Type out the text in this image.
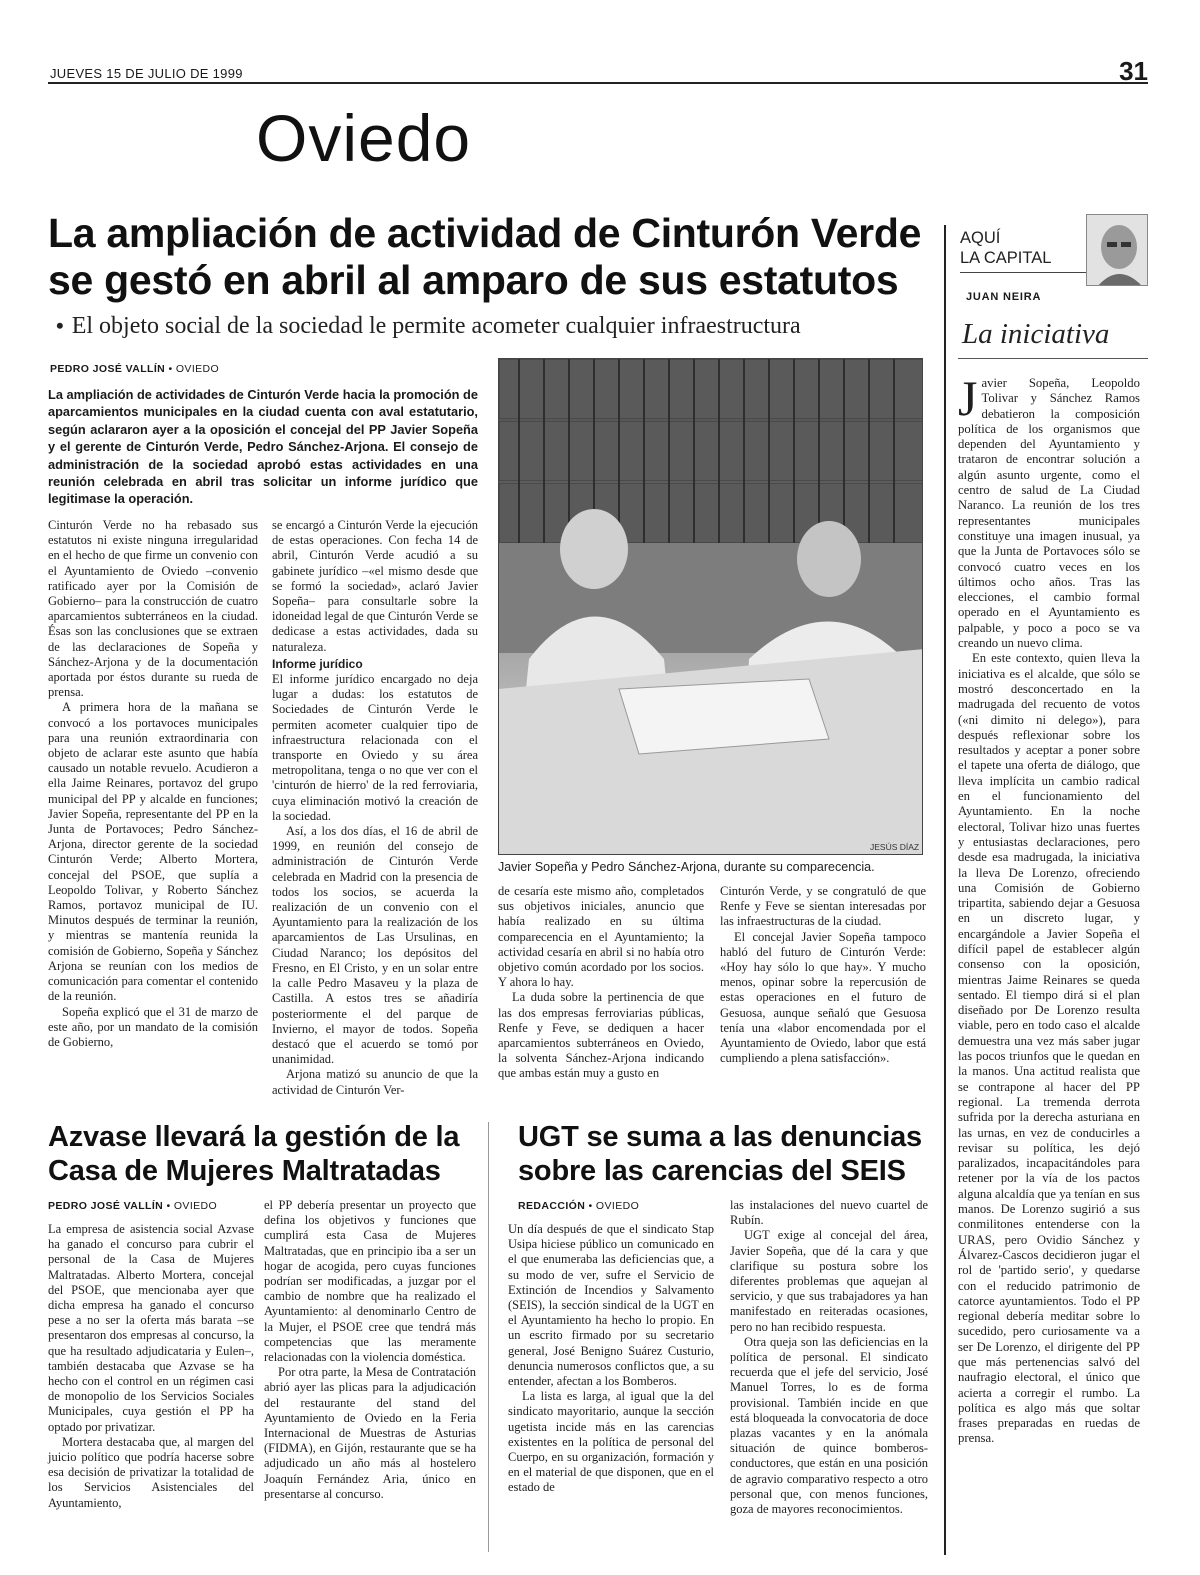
JUEVES 15 DE JULIO DE 1999	31
Oviedo
La ampliación de actividad de Cinturón Verde se gestó en abril al amparo de sus estatutos
• El objeto social de la sociedad le permite acometer cualquier infraestructura
PEDRO JOSÉ VALLÍN • OVIEDO
La ampliación de actividades de Cinturón Verde hacia la promoción de aparcamientos municipales en la ciudad cuenta con aval estatutario, según aclararon ayer a la oposición el concejal del PP Javier Sopeña y el gerente de Cinturón Verde, Pedro Sánchez-Arjona. El consejo de administración de la sociedad aprobó estas actividades en una reunión celebrada en abril tras solicitar un informe jurídico que legitimase la operación.

Cinturón Verde no ha rebasado sus estatutos ni existe ninguna irregularidad en el hecho de que firme un convenio con el Ayuntamiento de Oviedo –convenio ratificado ayer por la Comisión de Gobierno– para la construcción de cuatro aparcamientos subterráneos en la ciudad. Ésas son las conclusiones que se extraen de las declaraciones de Sopeña y Sánchez-Arjona y de la documentación aportada por éstos durante su rueda de prensa.

A primera hora de la mañana se convocó a los portavoces municipales para una reunión extraordinaria con objeto de aclarar este asunto que había causado un notable revuelo. Acudieron a ella Jaime Reinares, portavoz del grupo municipal del PP y alcalde en funciones; Javier Sopeña, representante del PP en la Junta de Portavoces; Pedro Sánchez-Arjona, director gerente de la sociedad Cinturón Verde; Alberto Mortera, concejal del PSOE, que suplía a Leopoldo Tolivar, y Roberto Sánchez Ramos, portavoz municipal de IU. Minutos después de terminar la reunión, y mientras se mantenía reunida la comisión de Gobierno, Sopeña y Sánchez Arjona se reunían con los medios de comunicación para comentar el contenido de la reunión.

Sopeña explicó que el 31 de marzo de este año, por un mandato de la comisión de Gobierno,

se encargó a Cinturón Verde la ejecución de estas operaciones. Con fecha 14 de abril, Cinturón Verde acudió a su gabinete jurídico –«el mismo desde que se formó la sociedad», aclaró Javier Sopeña– para consultarle sobre la idoneidad legal de que Cinturón Verde se dedicase a estas actividades, dada su naturaleza.

Informe jurídico

El informe jurídico encargado no deja lugar a dudas: los estatutos de Sociedades de Cinturón Verde le permiten acometer cualquier tipo de infraestructura relacionada con el transporte en Oviedo y su área metropolitana, tenga o no que ver con el 'cinturón de hierro' de la red ferroviaria, cuya eliminación motivó la creación de la sociedad.

Así, a los dos días, el 16 de abril de 1999, en reunión del consejo de administración de Cinturón Verde celebrada en Madrid con la presencia de todos los socios, se acuerda la realización de un convenio con el Ayuntamiento para la realización de los aparcamientos de Las Ursulinas, en Ciudad Naranco; los depósitos del Fresno, en El Cristo, y en un solar entre la calle Pedro Masaveu y la plaza de Castilla. A estos tres se añadiría posteriormente el del parque de Invierno, el mayor de todos. Sopeña destacó que el acuerdo se tomó por unanimidad.

Arjona matizó su anuncio de que la actividad de Cinturón Ver-

JESÚS DÍAZ
Javier Sopeña y Pedro Sánchez-Arjona, durante su comparecencia.

de cesaría este mismo año, completados sus objetivos iniciales, anuncio que había realizado en su última comparecencia en el Ayuntamiento; la actividad cesaría en abril si no había otro objetivo común acordado por los socios. Y ahora lo hay.

La duda sobre la pertinencia de que las dos empresas ferroviarias públicas, Renfe y Feve, se dediquen a hacer aparcamientos subterráneos en Oviedo, la solventa Sánchez-Arjona indicando que ambas están muy a gusto en

Cinturón Verde, y se congratuló de que Renfe y Feve se sientan interesadas por las infraestructuras de la ciudad.

El concejal Javier Sopeña tampoco habló del futuro de Cinturón Verde: «Hoy hay sólo lo que hay». Y mucho menos, opinar sobre la repercusión de estas operaciones en el futuro de Gesuosa, aunque señaló que Gesuosa tenía una «labor encomendada por el Ayuntamiento de Oviedo, labor que está cumpliendo a plena satisfacción».

Azvase llevará la gestión de la Casa de Mujeres Maltratadas
PEDRO JOSÉ VALLÍN • OVIEDO

La empresa de asistencia social Azvase ha ganado el concurso para cubrir el personal de la Casa de Mujeres Maltratadas. Alberto Mortera, concejal del PSOE, que mencionaba ayer que dicha empresa ha ganado el concurso pese a no ser la oferta más barata –se presentaron dos empresas al concurso, la que ha resultado adjudicataria y Eulen–, también destacaba que Azvase se ha hecho con el control en un régimen casi de monopolio de los Servicios Sociales Municipales, cuya gestión el PP ha optado por privatizar.

Mortera destacaba que, al margen del juicio político que podría hacerse sobre esa decisión de privatizar la totalidad de los Servicios Asistenciales del Ayuntamiento,

el PP debería presentar un proyecto que defina los objetivos y funciones que cumplirá esta Casa de Mujeres Maltratadas, que en principio iba a ser un hogar de acogida, pero cuyas funciones podrían ser modificadas, a juzgar por el cambio de nombre que ha realizado el Ayuntamiento: al denominarlo Centro de la Mujer, el PSOE cree que tendrá más competencias que las meramente relacionadas con la violencia doméstica.

Por otra parte, la Mesa de Contratación abrió ayer las plicas para la adjudicación del restaurante del stand del Ayuntamiento de Oviedo en la Feria Internacional de Muestras de Asturias (FIDMA), en Gijón, restaurante que se ha adjudicado un año más al hostelero Joaquín Fernández Aria, único en presentarse al concurso.

UGT se suma a las denuncias sobre las carencias del SEIS
REDACCIÓN • OVIEDO

Un día después de que el sindicato Stap Usipa hiciese público un comunicado en el que enumeraba las deficiencias que, a su modo de ver, sufre el Servicio de Extinción de Incendios y Salvamento (SEIS), la sección sindical de la UGT en el Ayuntamiento ha hecho lo propio. En un escrito firmado por su secretario general, José Benigno Suárez Custurio, denuncia numerosos conflictos que, a su entender, afectan a los Bomberos.

La lista es larga, al igual que la del sindicato mayoritario, aunque la sección ugetista incide más en las carencias existentes en la política de personal del Cuerpo, en su organización, formación y en el material de que disponen, que en el estado de

las instalaciones del nuevo cuartel de Rubín.

UGT exige al concejal del área, Javier Sopeña, que dé la cara y que clarifique su postura sobre los diferentes problemas que aquejan al servicio, y que sus trabajadores ya han manifestado en reiteradas ocasiones, pero no han recibido respuesta.

Otra queja son las deficiencias en la política de personal. El sindicato recuerda que el jefe del servicio, José Manuel Torres, lo es de forma provisional. También incide en que está bloqueada la convocatoria de doce plazas vacantes y en la anómala situación de quince bomberos-conductores, que están en una posición de agravio comparativo respecto a otro personal que, con menos funciones, goza de mayores reconocimientos.

AQUÍ
LA CAPITAL
JUAN NEIRA
La iniciativa

Javier Sopeña, Leopoldo Tolivar y Sánchez Ramos debatieron la composición política de los organismos que dependen del Ayuntamiento y trataron de encontrar solución a algún asunto urgente, como el centro de salud de La Ciudad Naranco. La reunión de los tres representantes municipales constituye una imagen inusual, ya que la Junta de Portavoces sólo se convocó cuatro veces en los últimos ocho años. Tras las elecciones, el cambio formal operado en el Ayuntamiento es palpable, y poco a poco se va creando un nuevo clima.

En este contexto, quien lleva la iniciativa es el alcalde, que sólo se mostró desconcertado en la madrugada del recuento de votos («ni dimito ni delego»), para después reflexionar sobre los resultados y aceptar a poner sobre el tapete una oferta de diálogo, que lleva implícita un cambio radical en el funcionamiento del Ayuntamiento. En la noche electoral, Tolivar hizo unas fuertes y entusiastas declaraciones, pero desde esa madrugada, la iniciativa la lleva De Lorenzo, ofreciendo una Comisión de Gobierno tripartita, sabiendo dejar a Gesuosa en un discreto lugar, y encargándole a Javier Sopeña el difícil papel de establecer algún consenso con la oposición, mientras Jaime Reinares se queda sentado. El tiempo dirá si el plan diseñado por De Lorenzo resulta viable, pero en todo caso el alcalde demuestra una vez más saber jugar las pocos triunfos que le quedan en la manos. Una actitud realista que se contrapone al hacer del PP regional. La tremenda derrota sufrida por la derecha asturiana en las urnas, en vez de conducirles a revisar su política, les dejó paralizados, incapacitándoles para retener por la vía de los pactos alguna alcaldía que ya tenían en sus manos. De Lorenzo sugirió a sus conmilitones entenderse con la URAS, pero Ovidio Sánchez y Álvarez-Cascos decidieron jugar el rol de 'partido serio', y quedarse con el reducido patrimonio de catorce ayuntamientos. Todo el PP regional debería meditar sobre lo sucedido, pero curiosamente va a ser De Lorenzo, el dirigente del PP que más pertenencias salvó del naufragio electoral, el único que acierta a corregir el rumbo. La política es algo más que soltar frases preparadas en ruedas de prensa.
